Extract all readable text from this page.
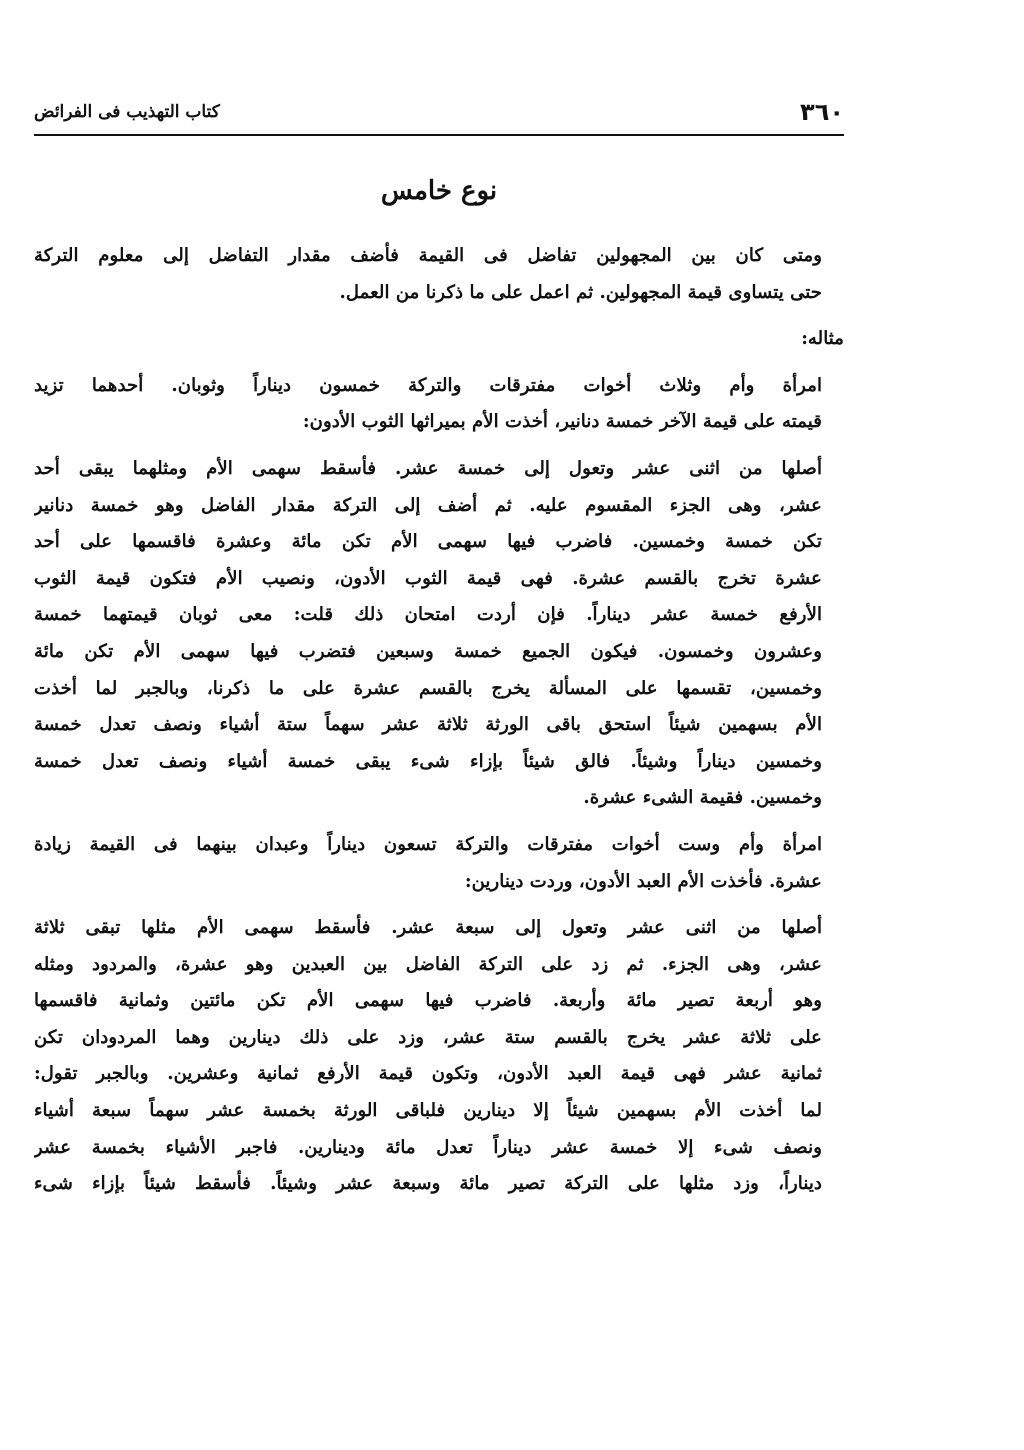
٣٦٠
كتاب التهذيب فى الفرائض
نوع خامس
ومتى كان بين المجهولين تفاضل فى القيمة فأضف مقدار التفاضل إلى معلوم التركة
حتى يتساوى قيمة المجهولين. ثم اعمل على ما ذكرنا من العمل.
مثاله:
امرأة وأم وثلاث أخوات مفترقات والتركة خمسون ديناراً وثوبان. أحدهما تزيد
قيمته على قيمة الآخر خمسة دنانير، أخذت الأم بميراثها الثوب الأدون:
أصلها من اثنى عشر وتعول إلى خمسة عشر. فأسقط سهمى الأم ومثلهما يبقى أحد
عشر، وهى الجزء المقسوم عليه. ثم أضف إلى التركة مقدار الفاضل وهو خمسة دنانير
تكن خمسة وخمسين. فاضرب فيها سهمى الأم تكن مائة وعشرة فاقسمها على أحد
عشرة تخرج بالقسم عشرة. فهى قيمة الثوب الأدون، ونصيب الأم فتكون قيمة الثوب
الأرفع خمسة عشر ديناراً. فإن أردت امتحان ذلك قلت: معى ثوبان قيمتهما خمسة
وعشرون وخمسون. فيكون الجميع خمسة وسبعين فتضرب فيها سهمى الأم تكن مائة
وخمسين، تقسمها على المسألة يخرج بالقسم عشرة على ما ذكرنا، وبالجبر لما أخذت
الأم بسهمين شيئاً استحق باقى الورثة ثلاثة عشر سهماً ستة أشياء ونصف تعدل خمسة
وخمسين ديناراً وشيئاً. فالق شيئاً بإزاء شىء يبقى خمسة أشياء ونصف تعدل خمسة
وخمسين. فقيمة الشىء عشرة.
امرأة وأم وست أخوات مفترقات والتركة تسعون ديناراً وعبدان بينهما فى القيمة زيادة
عشرة. فأخذت الأم العبد الأدون، وردت دينارين:
أصلها من اثنى عشر وتعول إلى سبعة عشر. فأسقط سهمى الأم مثلها تبقى ثلاثة
عشر، وهى الجزء. ثم زد على التركة الفاضل بين العبدين وهو عشرة، والمردود ومثله
وهو أربعة تصير مائة وأربعة. فاضرب فيها سهمى الأم تكن مائتين وثمانية فاقسمها
على ثلاثة عشر يخرج بالقسم ستة عشر، وزد على ذلك دينارين وهما المردودان تكن
ثمانية عشر فهى قيمة العبد الأدون، وتكون قيمة الأرفع ثمانية وعشرين. وبالجبر تقول:
لما أخذت الأم بسهمين شيئاً إلا دينارين فلباقى الورثة بخمسة عشر سهماً سبعة أشياء
ونصف شىء إلا خمسة عشر ديناراً تعدل مائة ودينارين. فاجبر الأشياء بخمسة عشر
ديناراً، وزد مثلها على التركة تصير مائة وسبعة عشر وشيئاً. فأسقط شيئاً بإزاء شىء
